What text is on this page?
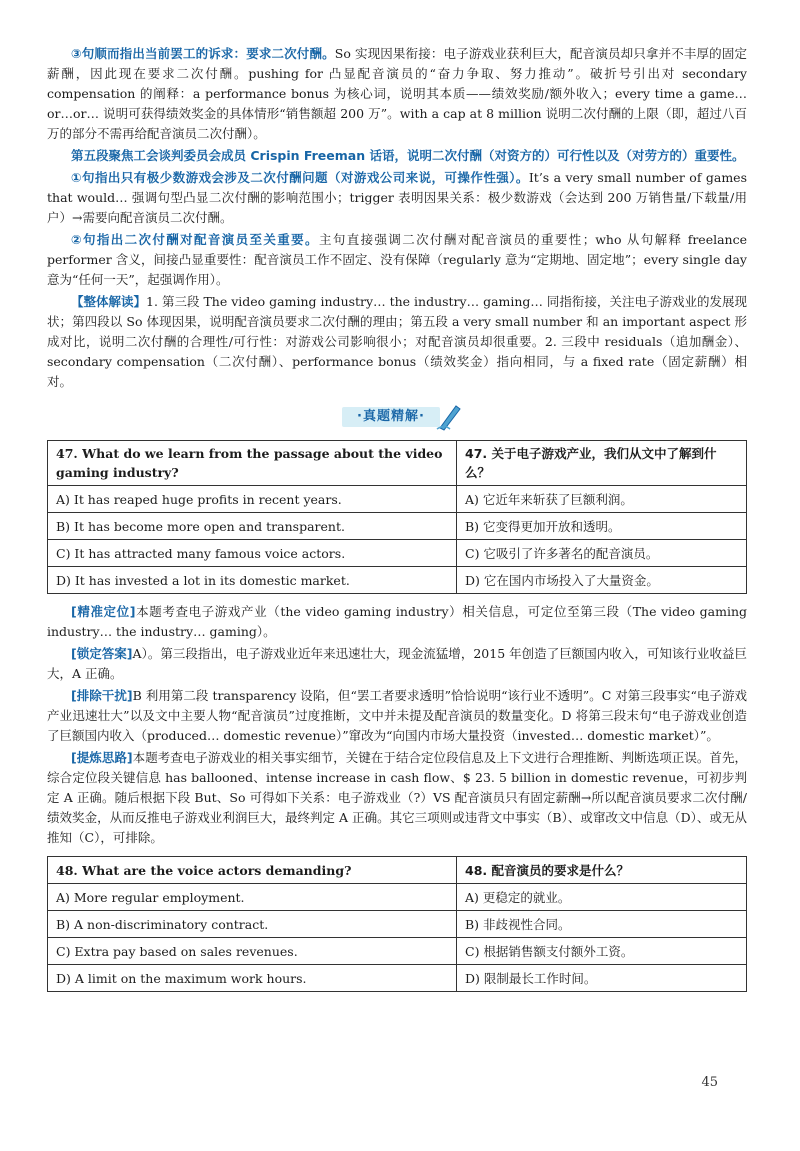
③句顺而指出当前罢工的诉求：要求二次付酬。So 实现因果衔接：电子游戏业获利巨大，配音演员却只拿并不丰厚的固定薪酬，因此现在要求二次付酬。pushing for 凸显配音演员的“奋力争取、努力推动”。破折号引出对 secondary compensation 的阐释：a performance bonus 为核心词，说明其本质——绩效奖励/额外收入；every time a game…or…or… 说明可获得绩效奖金的具体情形“销售额超 200 万”。with a cap at 8 million 说明二次付酬的上限（即，超过八百万的部分不需再给配音演员二次付酬）。

第五段聚焦工会谈判委员会成员 Crispin Freeman 话语，说明二次付酬（对资方的）可行性以及（对劳方的）重要性。

①句指出只有极少数游戏会涉及二次付酬问题（对游戏公司来说，可操作性强）。It’s a very small number of games that would… 强调句型凸显二次付酬的影响范围小；trigger 表明因果关系：极少数游戏（会达到 200 万销售量/下载量/用户）→需要向配音演员二次付酬。

②句指出二次付酬对配音演员至关重要。主句直接强调二次付酬对配音演员的重要性；who 从句解释 freelance performer 含义，间接凸显重要性：配音演员工作不固定、没有保障（regularly 意为“定期地、固定地”；every single day 意为“任何一天”，起强调作用）。

【整体解读】1. 第三段 The video gaming industry… the industry… gaming… 同指衔接，关注电子游戏业的发展现状；第四段以 So 体现因果，说明配音演员要求二次付酬的理由；第五段 a very small number 和 an important aspect 形成对比，说明二次付酬的合理性/可行性：对游戏公司影响很小；对配音演员却很重要。2. 三段中 residuals（追加酬金）、secondary compensation（二次付酬）、performance bonus（绩效奖金）指向相同，与 a fixed rate（固定薪酬）相对。

·真题精解·
47. What do we learn from the passage about the video gaming industry?	47. 关于电子游戏产业，我们从文中了解到什么？
A) It has reaped huge profits in recent years.	A) 它近年来斩获了巨额利润。
B) It has become more open and transparent.	B) 它变得更加开放和透明。
C) It has attracted many famous voice actors.	C) 它吸引了许多著名的配音演员。
D) It has invested a lot in its domestic market.	D) 它在国内市场投入了大量资金。

[精准定位]本题考查电子游戏产业（the video gaming industry）相关信息，可定位至第三段（The video gaming industry… the industry… gaming）。

[锁定答案]A）。第三段指出，电子游戏业近年来迅速壮大，现金流猛增，2015 年创造了巨额国内收入，可知该行业收益巨大，A 正确。

[排除干扰]B 利用第二段 transparency 设陷，但“罢工者要求透明”恰恰说明“该行业不透明”。C 对第三段事实“电子游戏产业迅速壮大”以及文中主要人物“配音演员”过度推断，文中并未提及配音演员的数量变化。D 将第三段末句“电子游戏业创造了巨额国内收入（produced… domestic revenue）”窜改为“向国内市场大量投资（invested… domestic market）”。

[提炼思路]本题考查电子游戏业的相关事实细节，关键在于结合定位段信息及上下文进行合理推断、判断选项正误。首先，综合定位段关键信息 has ballooned、intense increase in cash flow、$ 23. 5 billion in domestic revenue，可初步判定 A 正确。随后根据下段 But、So 可得如下关系：电子游戏业（?）VS 配音演员只有固定薪酬→所以配音演员要求二次付酬/绩效奖金，从而反推电子游戏业利润巨大，最终判定 A 正确。其它三项则或违背文中事实（B）、或窜改文中信息（D）、或无从推知（C），可排除。

48. What are the voice actors demanding?	48. 配音演员的要求是什么？
A) More regular employment.	A) 更稳定的就业。
B) A non-discriminatory contract.	B) 非歧视性合同。
C) Extra pay based on sales revenues.	C) 根据销售额支付额外工资。
D) A limit on the maximum work hours.	D) 限制最长工作时间。
45
